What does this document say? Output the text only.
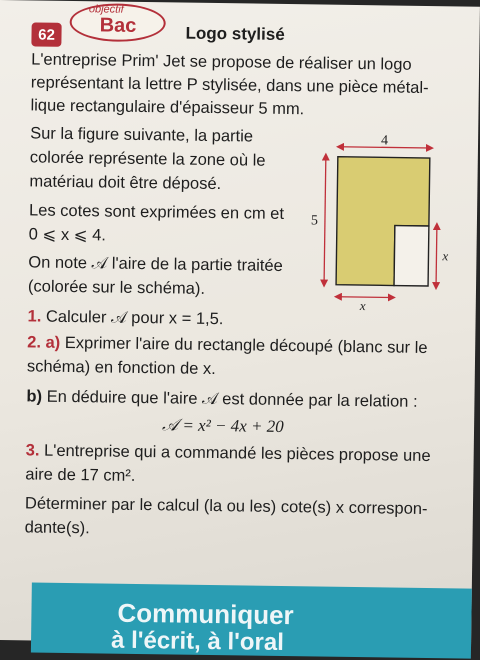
62
objectif
Bac	Logo stylisé
L'entreprise Prim' Jet se propose de réaliser un logo
représentant la lettre P stylisée, dans une pièce métal-
lique rectangulaire d'épaisseur 5 mm.
Sur la figure suivante, la partie
colorée représente la zone où le
matériau doit être déposé.
Les cotes sont exprimées en cm et
0 ⩽ x ⩽ 4.
On note 𝒜 l'aire de la partie traitée
(colorée sur le schéma).
4
5
x
x
1. Calculer 𝒜 pour x = 1,5.
2. a) Exprimer l'aire du rectangle découpé (blanc sur le
schéma) en fonction de x.
b) En déduire que l'aire 𝒜 est donnée par la relation :
𝒜 = x² − 4x + 20
3. L'entreprise qui a commandé les pièces propose une
aire de 17 cm².
Déterminer par le calcul (la ou les) cote(s) x correspon-
dante(s).
Communiquer
à l'écrit, à l'oral
